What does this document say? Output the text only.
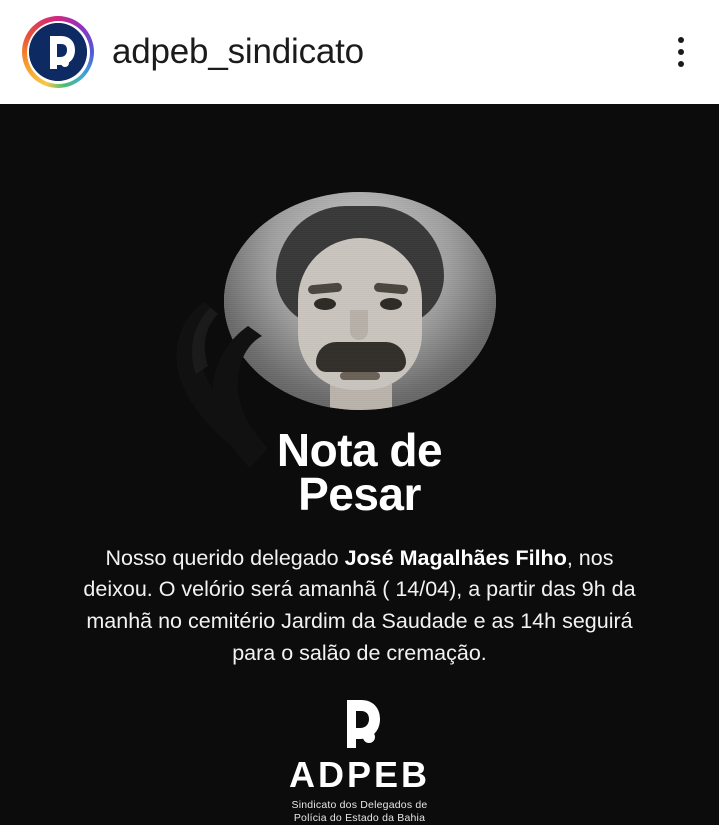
adpeb_sindicato
Nota de
Pesar
Nosso querido delegado José Magalhães Filho, nos deixou. O velório será amanhã ( 14/04), a partir das 9h da manhã no cemitério Jardim da Saudade e as 14h seguirá para o salão de cremação.
ADPEB
Sindicato dos Delegados de
Polícia do Estado da Bahia
